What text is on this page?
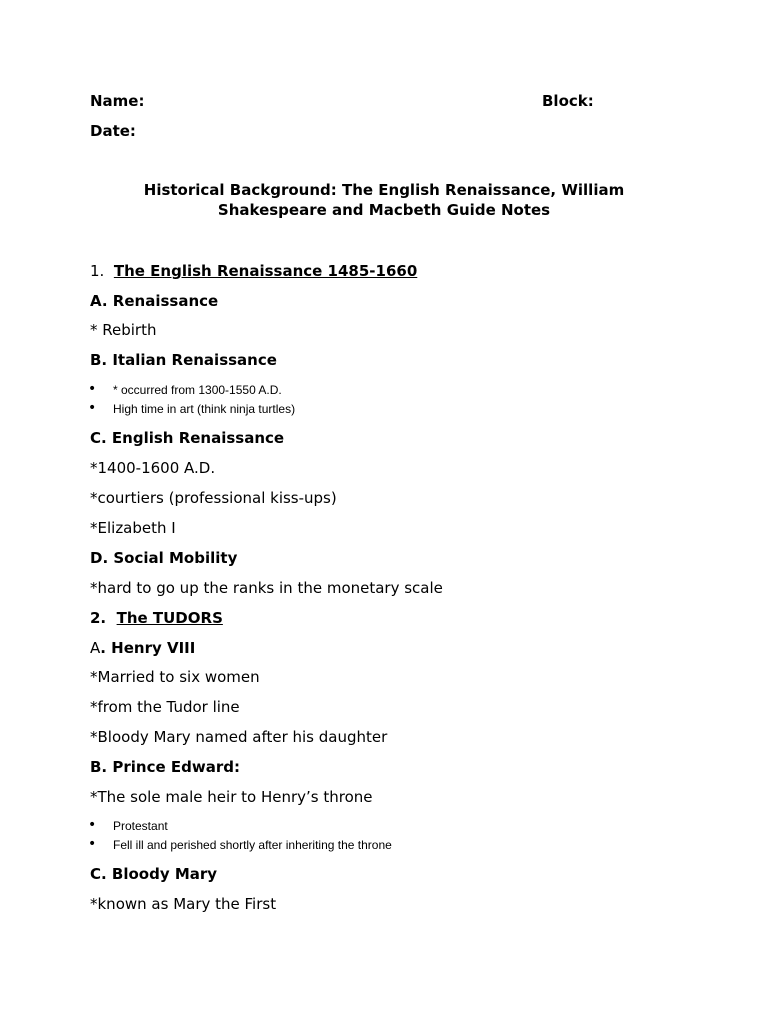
Name:	Block:
Date:
Historical Background: The English Renaissance, William
Shakespeare and Macbeth Guide Notes
1. The English Renaissance 1485-1660
A. Renaissance
* Rebirth
B. Italian Renaissance
• * occurred from 1300-1550 A.D.
• High time in art (think ninja turtles)
C. English Renaissance
*1400-1600 A.D.
*courtiers (professional kiss-ups)
*Elizabeth I
D. Social Mobility
*hard to go up the ranks in the monetary scale
2. The TUDORS
A. Henry VIII
*Married to six women
*from the Tudor line
*Bloody Mary named after his daughter
B. Prince Edward:
*The sole male heir to Henry’s throne
• Protestant
• Fell ill and perished shortly after inheriting the throne
C. Bloody Mary
*known as Mary the First
